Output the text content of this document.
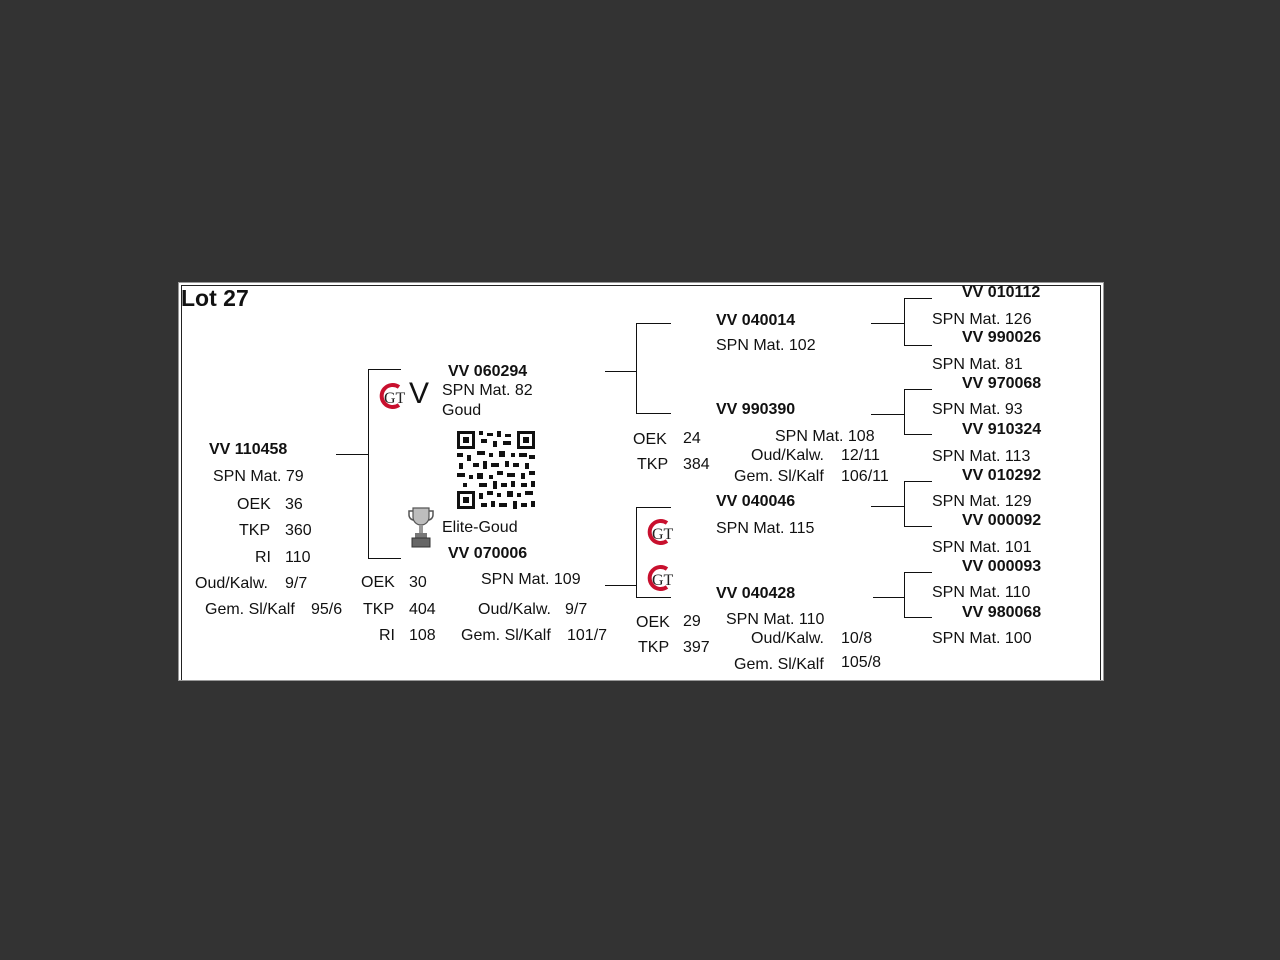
Lot 27
VV 110458
SPN Mat. 79
OEK 36
TKP 360
RI 110
Oud/Kalw. 9/7
Gem. Sl/Kalf 95/6
GT V
VV 060294
SPN Mat. 82
Goud
Elite-Goud
VV 070006
SPN Mat. 109
OEK 30
TKP 404
RI 108
Oud/Kalw. 9/7
Gem. Sl/Kalf 101/7
OEK 24
TKP 384
GT
GT
VV 040014
SPN Mat. 102
VV 990390
SPN Mat. 108
Oud/Kalw. 12/11
Gem. Sl/Kalf 106/11
VV 040046
SPN Mat. 115
VV 040428
SPN Mat. 110
OEK 29
TKP 397
Oud/Kalw. 10/8
Gem. Sl/Kalf 105/8
VV 010112
SPN Mat. 126
VV 990026
SPN Mat. 81
VV 970068
SPN Mat. 93
VV 910324
SPN Mat. 113
VV 010292
SPN Mat. 129
VV 000092
SPN Mat. 101
VV 000093
SPN Mat. 110
VV 980068
SPN Mat. 100
